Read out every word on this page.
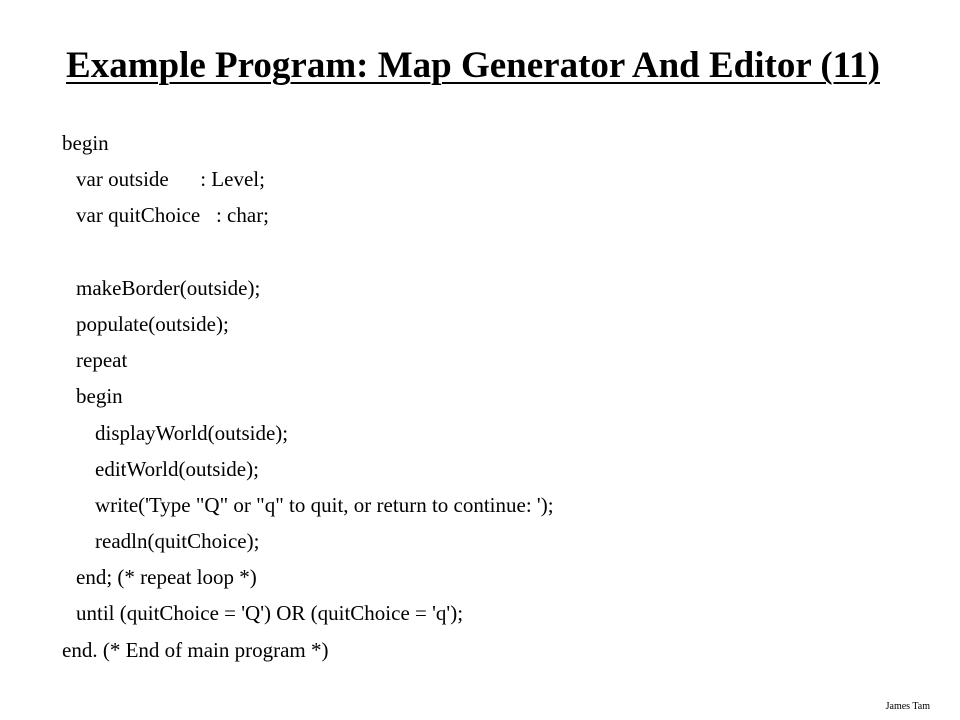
Example Program: Map Generator And Editor (11)
begin
var outside      : Level;
var quitChoice   : char;
makeBorder(outside);
populate(outside);
repeat
begin
displayWorld(outside);
editWorld(outside);
write('Type "Q" or "q" to quit, or return to continue: ');
readln(quitChoice);
end; (* repeat loop *)
until (quitChoice = 'Q') OR (quitChoice = 'q');
end. (* End of main program *)
James Tam
